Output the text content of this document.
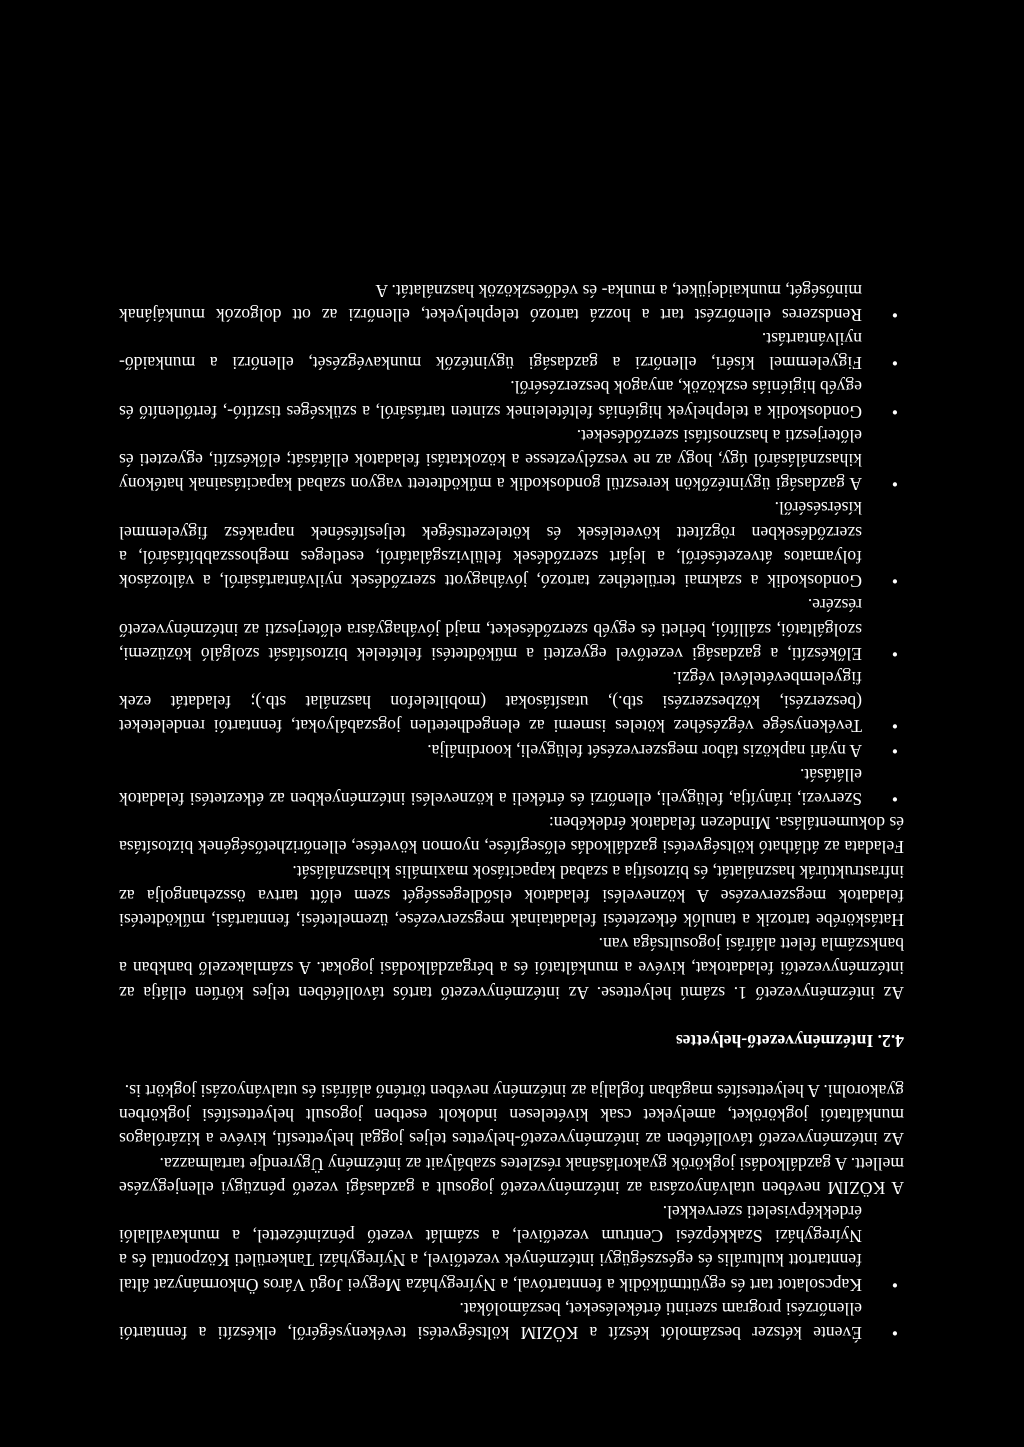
•
Évente kétszer beszámolót készít a KÖZIM költségvetési tevékenységéről, elkészíti a fenntartói ellenőrzési program szerinti értékeléseket, beszámolókat.
•
Kapcsolatot tart és együttműködik a fenntartóval, a Nyíregyháza Megyei Jogú Város Önkormányzat által fenntartott kulturális és egészségügyi intézmények vezetőivel, a Nyíregyházi Tankerületi Központtal és a Nyíregyházi Szakképzési Centrum vezetőivel, a számlát vezető pénzintézettel, a munkavállalói érdekképviseleti szervekkel.

A KÖZIM nevében utalványozásra az intézményvezető jogosult a gazdasági vezető pénzügyi ellenjegyzése mellett. A gazdálkodási jogkörök gyakorlásának részletes szabályait az intézmény Ügyrendje tartalmazza.

Az intézményvezető távollétében az intézményvezető-helyettes teljes joggal helyettesíti, kivéve a kizárólagos munkáltatói jogköröket, amelyeket csak kivételesen indokolt esetben jogosult helyettesítési jogkörben gyakorolni. A helyettesítés magában foglalja az intézmény nevében történő aláírási és utalványozási jogkört is.

4.2. Intézményvezető-helyettes

Az intézményvezető 1. számú helyettese. Az intézményvezető tartós távollétében teljes körűen ellátja az intézményvezetői feladatokat, kivéve a munkáltatói és a bérgazdálkodási jogokat. A számlakezelő bankban a bankszámla felett aláírási jogosultsága van.

Hatáskörébe tartozik a tanulók étkeztetési feladatainak megszervezése, üzemeltetési, fenntartási, működtetési feladatok megszervezése A köznevelési feladatok elsődlegességét szem előtt tartva összehangolja az infrastruktúrák használatát, és biztosítja a szabad kapacitások maximális kihasználását.

Feladata az átlátható költségvetési gazdálkodás elősegítése, nyomon követése, ellenőrizhetőségének biztosítása és dokumentálása. Mindezen feladatok érdekében:

•
Szervezi, irányítja, felügyeli, ellenőrzi és értékeli a köznevelési intézményekben az étkeztetési feladatok ellátását.
•
A nyári napközis tábor megszervezését felügyeli, koordinálja.
•
Tevékenysége végzéséhez köteles ismerni az elengedhetetlen jogszabályokat, fenntartói rendeleteket (beszerzési, közbeszerzési stb.), utasításokat (mobiltelefon használat stb.); feladatát ezek figyelembevételével végzi.
•
Előkészíti, a gazdasági vezetővel egyezteti a működtetési feltételek biztosítását szolgáló közüzemi, szolgáltatói, szállítói, bérleti és egyéb szerződéseket, majd jóváhagyásra előterjeszti az intézményvezető részére.
•
Gondoskodik a szakmai területéhez tartozó, jóváhagyott szerződések nyilvántartásáról, a változások folyamatos átvezetéséről, a lejárt szerződések felülvizsgálatáról, esetleges meghosszabbításáról, a szerződésekben rögzített követelések és kötelezettségek teljesítésének naprakész figyelemmel kísérséséről.
•
A gazdasági ügyintézőkön keresztül gondoskodik a működtetett vagyon szabad kapacitásainak hatékony kihasználásáról úgy, hogy az ne veszélyeztesse a közoktatási feladatok ellátását; előkészíti, egyezteti és előterjeszti a hasznosítási szerződéseket.
•
Gondoskodik a telephelyek higiéniás feltételeinek szinten tartásáról, a szükséges tisztító-, fertőtlenítő és egyéb higiéniás eszközök, anyagok beszerzéséről.
•
Figyelemmel kíséri, ellenőrzi a gazdasági ügyintézők munkavégzését, ellenőrzi a munkaidő-nyilvántartást.
•
Rendszeres ellenőrzést tart a hozzá tartozó telephelyeket, ellenőrzi az ott dolgozók munkájának minőségét, munkaidejüket, a munka- és védőeszközök használatát. A
